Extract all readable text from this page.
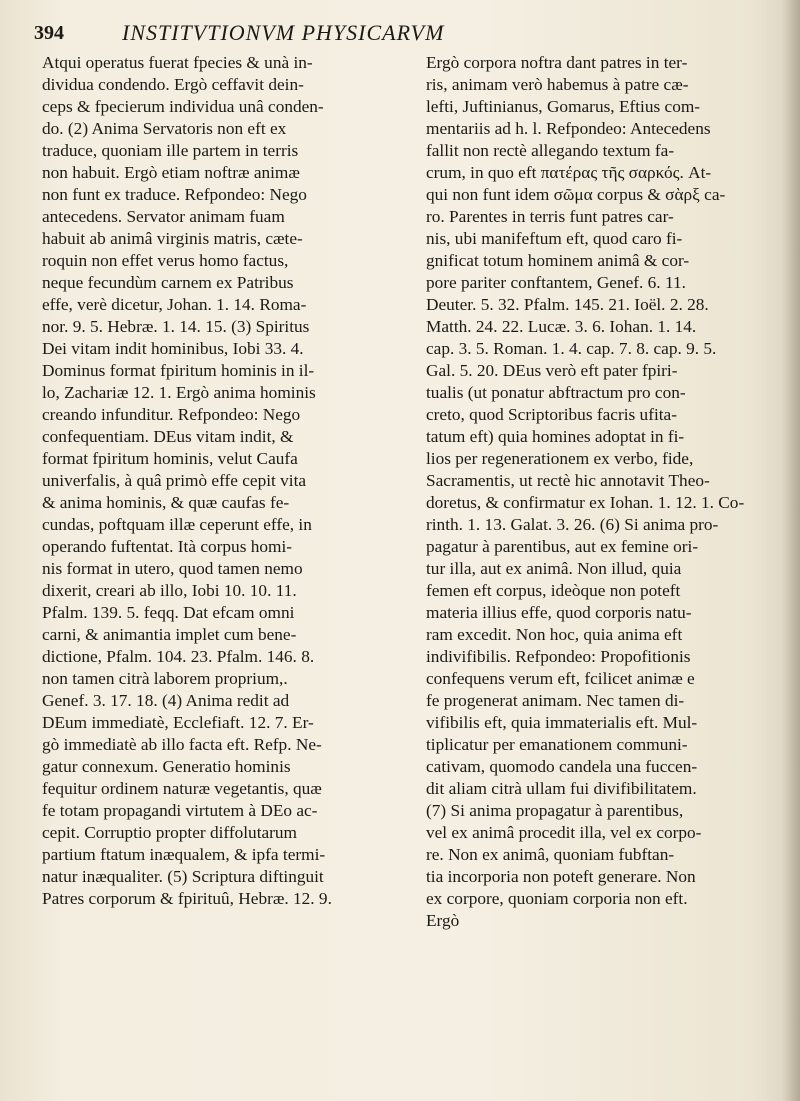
394	INSTITVTIONVM PHYSICARVM
Atqui operatus fuerat fpecies & unà in-
dividua condendo. Ergò ceffavit dein-
ceps & fpecierum individua unâ conden-
do. (2) Anima Servatoris non eft ex
traduce, quoniam ille partem in terris
non habuit. Ergò etiam noftræ animæ
non funt ex traduce. Refpondeo: Nego
antecedens. Servator animam fuam
habuit ab animâ virginis matris, cæte-
roquin non effet verus homo factus,
neque fecundùm carnem ex Patribus
effe, verè dicetur, Johan. 1. 14. Roma-
nor. 9. 5. Hebræ. 1. 14. 15. (3) Spiritus
Dei vitam indit hominibus, Iobi 33. 4.
Dominus format fpiritum hominis in il-
lo, Zachariæ 12. 1. Ergò anima hominis
creando infunditur. Refpondeo: Nego
confequentiam. DEus vitam indit, &
format fpiritum hominis, velut Caufa
univerfalis, à quâ primò effe cepit vita
& anima hominis, & quæ caufas fe-
cundas, poftquam illæ ceperunt effe, in
operando fuftentat. Ità corpus homi-
nis format in utero, quod tamen nemo
dixerit, creari ab illo, Iobi 10. 10. 11.
Pfalm. 139. 5. feqq. Dat efcam omni
carni, & animantia implet cum bene-
dictione, Pfalm. 104. 23. Pfalm. 146. 8.
non tamen citrà laborem proprium,.
Genef. 3. 17. 18. (4) Anima redit ad
DEum immediatè, Ecclefiaft. 12. 7. Er-
gò immediatè ab illo facta eft. Refp. Ne-
gatur connexum. Generatio hominis
fequitur ordinem naturæ vegetantis, quæ
fe totam propagandi virtutem à DEo ac-
cepit. Corruptio propter diffolutarum
partium ftatum inæqualem, & ipfa termi-
natur inæqualiter. (5) Scriptura diftinguit
Patres corporum & fpirituû, Hebræ. 12. 9.
Ergò corpora noftra dant patres in ter-
ris, animam verò habemus à patre cæ-
lefti, Juftinianus, Gomarus, Eftius com-
mentariis ad h. l. Refpondeo: Antecedens
fallit non rectè allegando textum fa-
crum, in quo eft πατέρας τῆς σαρκός. At-
qui non funt idem σῶμα corpus & σὰρξ ca-
ro. Parentes in terris funt patres car-
nis, ubi manifeftum eft, quod caro fi-
gnificat totum hominem animâ & cor-
pore pariter conftantem, Genef. 6. 11.
Deuter. 5. 32. Pfalm. 145. 21. Ioël. 2. 28.
Matth. 24. 22. Lucæ. 3. 6. Iohan. 1. 14.
cap. 3. 5. Roman. 1. 4. cap. 7. 8. cap. 9. 5.
Gal. 5. 20. DEus verò eft pater fpiri-
tualis (ut ponatur abftractum pro con-
creto, quod Scriptoribus facris ufita-
tatum eft) quia homines adoptat in fi-
lios per regenerationem ex verbo, fide,
Sacramentis, ut rectè hic annotavit Theo-
doretus, & confirmatur ex Iohan. 1. 12. 1. Co-
rinth. 1. 13. Galat. 3. 26. (6) Si anima pro-
pagatur à parentibus, aut ex femine ori-
tur illa, aut ex animâ. Non illud, quia
femen eft corpus, ideòque non poteft
materia illius effe, quod corporis natu-
ram excedit. Non hoc, quia anima eft
indivifibilis. Refpondeo: Propofitionis
confequens verum eft, fcilicet animæ e
fe progenerat animam. Nec tamen di-
vifibilis eft, quia immaterialis eft. Mul-
tiplicatur per emanationem communi-
cativam, quomodo candela una fuccen-
dit aliam citrà ullam fui divifibilitatem.
(7) Si anima propagatur à parentibus,
vel ex animâ procedit illa, vel ex corpo-
re. Non ex animâ, quoniam fubftan-
tia incorporia non poteft generare. Non
ex corpore, quoniam corporia non eft.
Ergò
